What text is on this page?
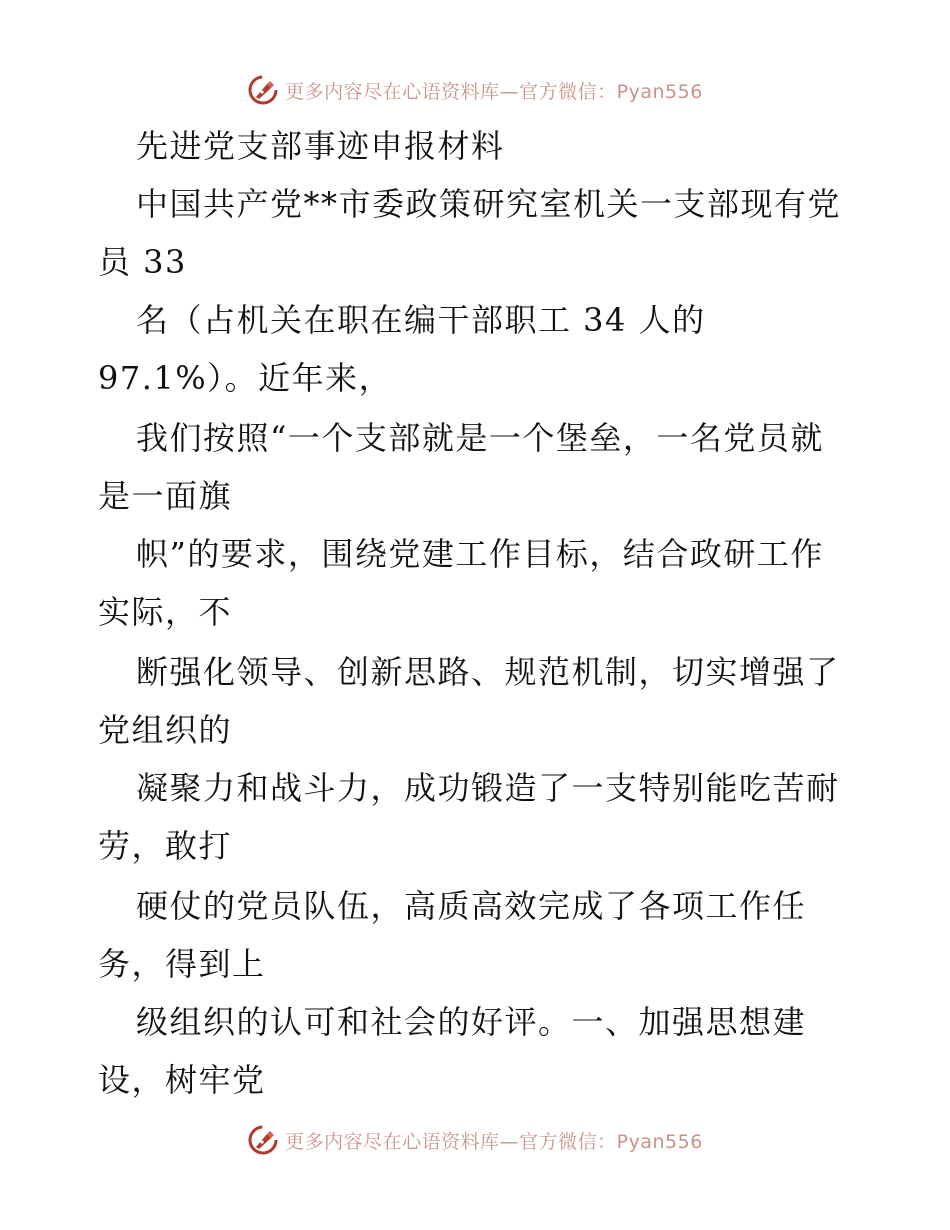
更多内容尽在心语资料库—官方微信：Pyan556
先进党支部事迹申报材料
中国共产党**市委政策研究室机关一支部现有党
员 33
名（占机关在职在编干部职工 34 人的
97.1%）。近年来，
我们按照“一个支部就是一个堡垒，一名党员就
是一面旗
帜”的要求，围绕党建工作目标，结合政研工作
实际，不
断强化领导、创新思路、规范机制，切实增强了
党组织的
凝聚力和战斗力，成功锻造了一支特别能吃苦耐
劳，敢打
硬仗的党员队伍，高质高效完成了各项工作任
务，得到上
级组织的认可和社会的好评。一、加强思想建
设，树牢党
更多内容尽在心语资料库—官方微信：Pyan556
